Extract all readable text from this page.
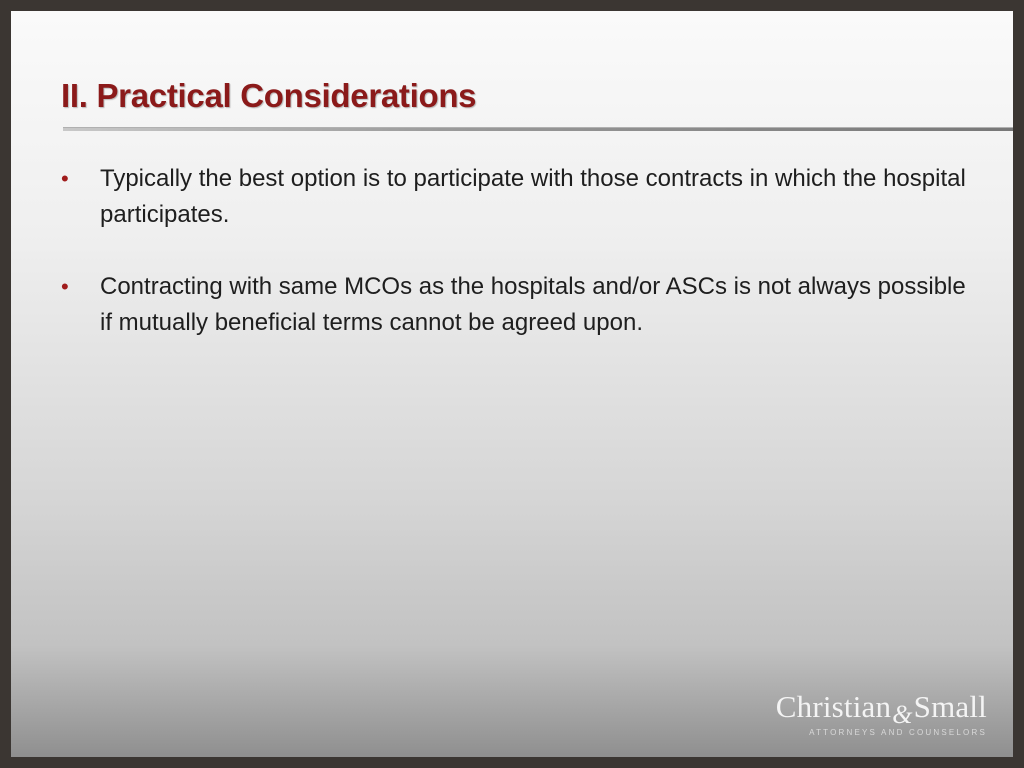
II. Practical Considerations
• Typically the best option is to participate with those contracts in which the hospital participates.
• Contracting with same MCOs as the hospitals and/or ASCs is not always possible if mutually beneficial terms cannot be agreed upon.
Christian&Small
ATTORNEYS AND COUNSELORS
